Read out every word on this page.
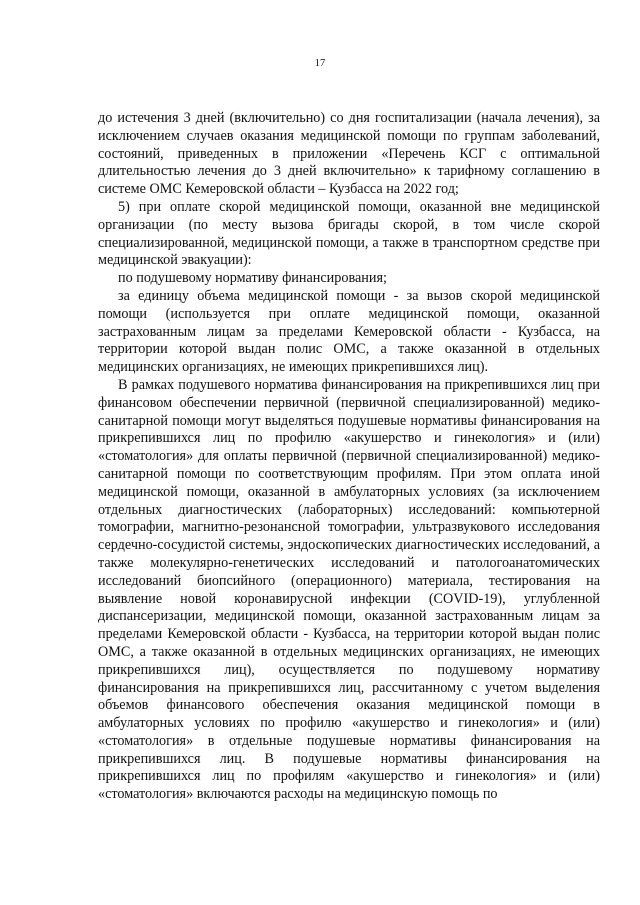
17

до истечения 3 дней (включительно) со дня госпитализации (начала лечения), за исключением случаев оказания медицинской помощи по группам заболеваний, состояний, приведенных в приложении «Перечень КСГ с оптимальной длительностью лечения до 3 дней включительно» к тарифному соглашению в системе ОМС Кемеровской области – Кузбасса на 2022 год;

5) при оплате скорой медицинской помощи, оказанной вне медицинской организации (по месту вызова бригады скорой, в том числе скорой специализированной, медицинской помощи, а также в транспортном средстве при медицинской эвакуации):

по подушевому нормативу финансирования;

за единицу объема медицинской помощи - за вызов скорой медицинской помощи (используется при оплате медицинской помощи, оказанной застрахованным лицам за пределами Кемеровской области - Кузбасса, на территории которой выдан полис ОМС, а также оказанной в отдельных медицинских организациях, не имеющих прикрепившихся лиц).

В рамках подушевого норматива финансирования на прикрепившихся лиц при финансовом обеспечении первичной (первичной специализированной) медико-санитарной помощи могут выделяться подушевые нормативы финансирования на прикрепившихся лиц по профилю «акушерство и гинекология» и (или) «стоматология» для оплаты первичной (первичной специализированной) медико-санитарной помощи по соответствующим профилям. При этом оплата иной медицинской помощи, оказанной в амбулаторных условиях (за исключением отдельных диагностических (лабораторных) исследований: компьютерной томографии, магнитно-резонансной томографии, ультразвукового исследования сердечно-сосудистой системы, эндоскопических диагностических исследований, а также молекулярно-генетических исследований и патологоанатомических исследований биопсийного (операционного) материала, тестирования на выявление новой коронавирусной инфекции (COVID-19), углубленной диспансеризации, медицинской помощи, оказанной застрахованным лицам за пределами Кемеровской области - Кузбасса, на территории которой выдан полис ОМС, а также оказанной в отдельных медицинских организациях, не имеющих прикрепившихся лиц), осуществляется по подушевому нормативу финансирования на прикрепившихся лиц, рассчитанному с учетом выделения объемов финансового обеспечения оказания медицинской помощи в амбулаторных условиях по профилю «акушерство и гинекология» и (или) «стоматология» в отдельные подушевые нормативы финансирования на прикрепившихся лиц. В подушевые нормативы финансирования на прикрепившихся лиц по профилям «акушерство и гинекология» и (или) «стоматология» включаются расходы на медицинскую помощь по
